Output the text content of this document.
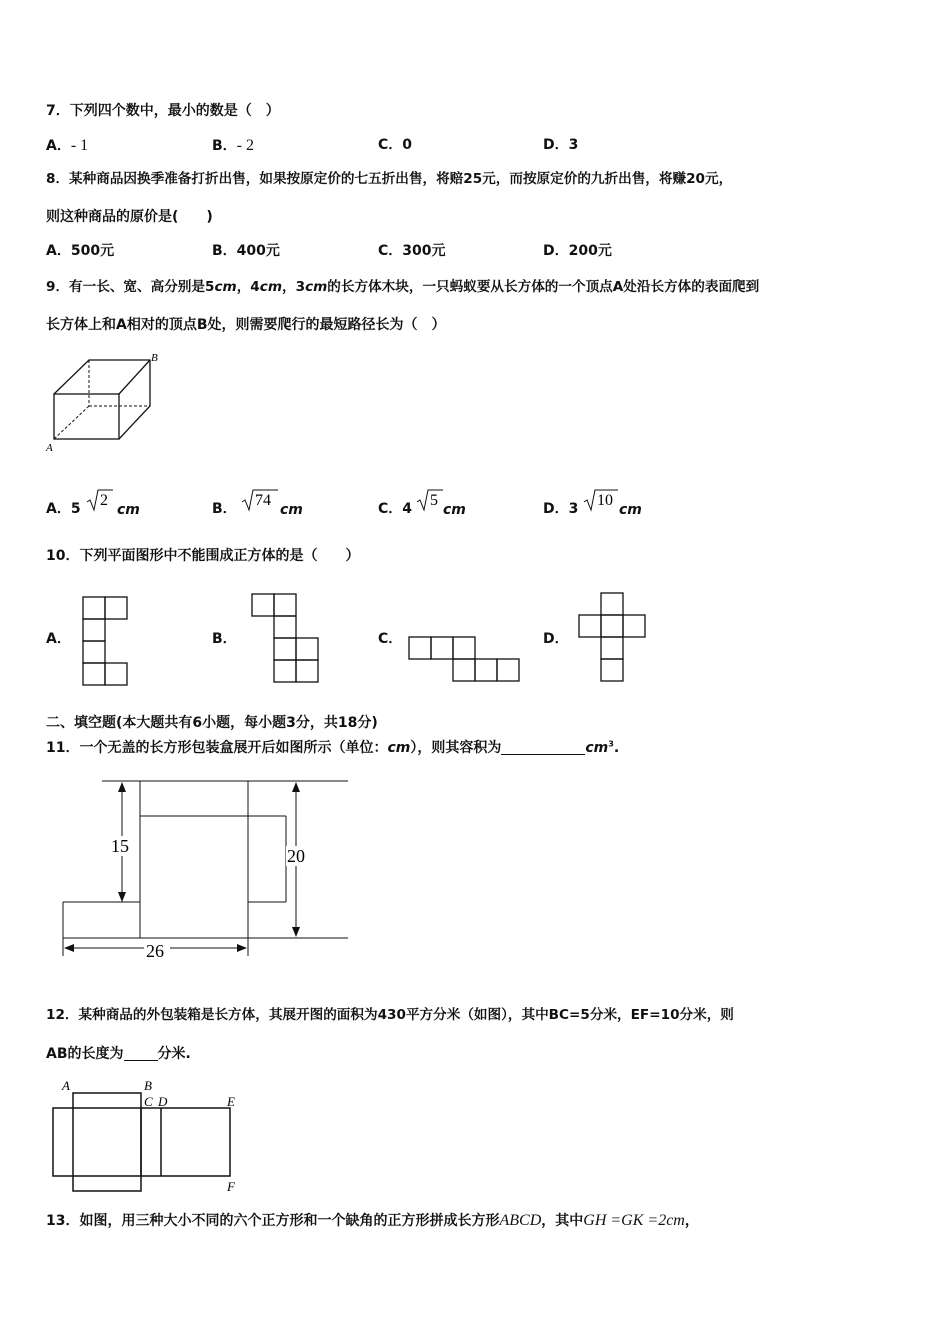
7．下列四个数中，最小的数是（　）
A．- 1	B．- 2	C．0	D．3
8．某种商品因换季准备打折出售，如果按原定价的七五折出售，将赔25元，而按原定价的九折出售，将赚20元，
则这种商品的原价是(　　)
A．500元	B．400元	C．300元	D．200元
9．有一长、宽、高分别是5cm，4cm，3cm的长方体木块，一只蚂蚁要从长方体的一个顶点A处沿长方体的表面爬到
长方体上和A相对的顶点B处，则需要爬行的最短路径长为（　）
A
B
A．5 2
cm	B． 74
cm	C．4 5
cm	D．3 10
cm
10．下列平面图形中不能围成正方体的是（　　）
A．	B．	C．	D．
二、填空题(本大题共有6小题，每小题3分，共18分)
11．一个无盖的长方形包装盒展开后如图所示（单位：cm），则其容积为	$cm^3$.
15	20
26
12．某种商品的外包装箱是长方体，其展开图的面积为430平方分米（如图），其中BC=5分米，EF=10分米，则
AB的长度为 分米.
A	B
C D	E
F
13．如图，用三种大小不同的六个正方形和一个缺角的正方形拼成长方形ABCD，其中GH =GK =2cm，
